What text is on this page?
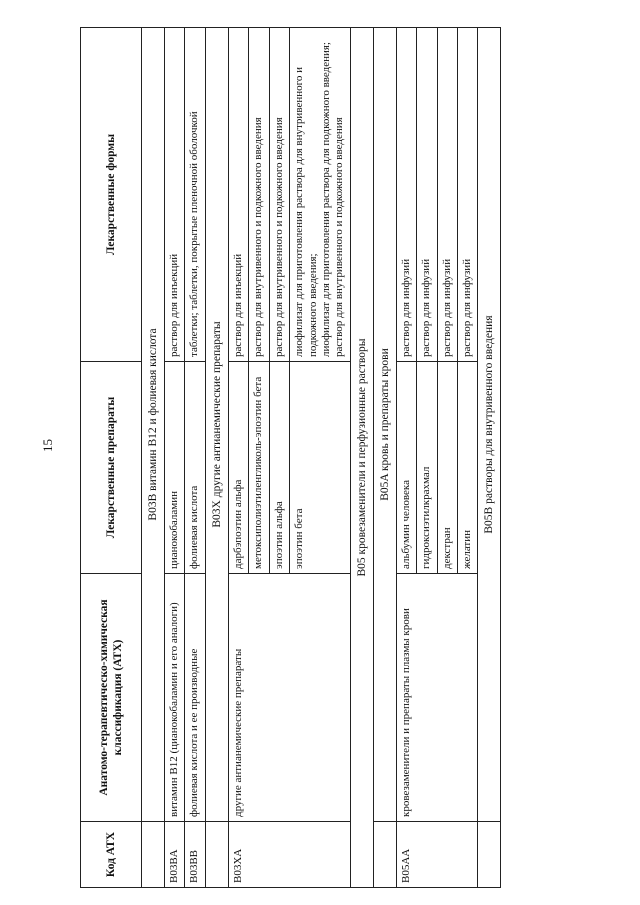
15
Код АТХ	Анатомо-терапевтическо-химическая классификация (АТХ)	Лекарственные препараты	Лекарственные формы
	B03B витамин B12 и фолиевая кислота		
B03BA	витамин B12 (цианокобаламин и его аналоги)	цианокобаламин	раствор для инъекций
B03BB	фолиевая кислота и ее производные	фолиевая кислота	таблетки; таблетки, покрытые пленочной оболочкой
	B03X другие антианемические препараты		
B03XA	другие антианемические препараты	дарбэпоэтин альфа	раствор для инъекций
		метоксиполиэтиленгликоль-эпоэтин бета	раствор для внутривенного и подкожного введения
		эпоэтин альфа	раствор для внутривенного и подкожного введения
		эпоэтин бета	лиофилизат для приготовления раствора для внутривенного и подкожного введения; лиофилизат для приготовления раствора для подкожного введения; раствор для внутривенного и подкожного введения

B05 кровезаменители и перфузионные растворы			
	B05A кровь и препараты крови		
B05AA	кровезаменители и препараты плазмы крови	альбумин человека	раствор для инфузий
		гидроксиэтилкрахмал	раствор для инфузий
		декстран	раствор для инфузий
		желатин	раствор для инфузий
	B05B растворы для внутривенного введения		
